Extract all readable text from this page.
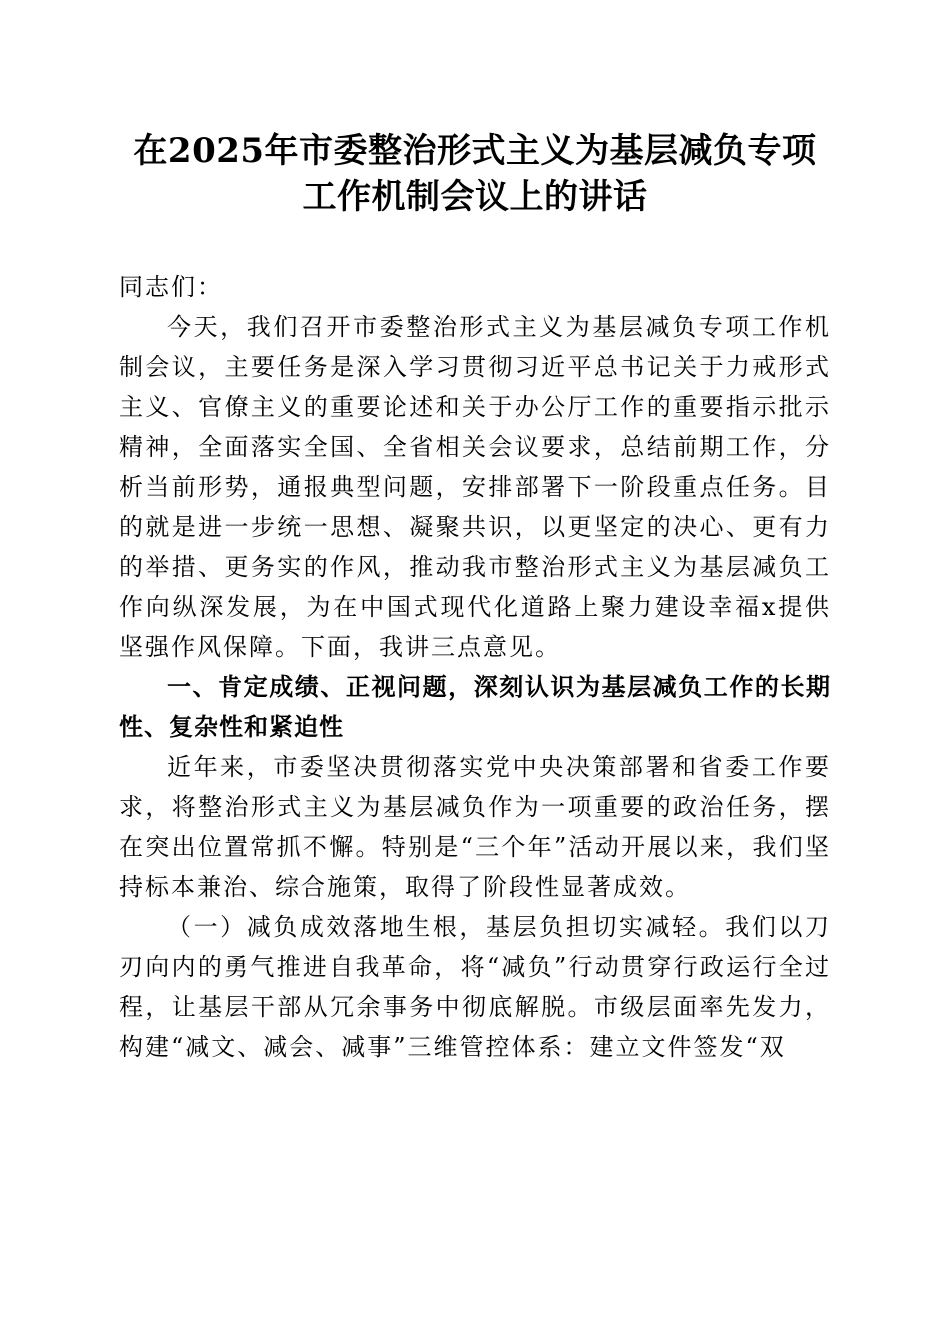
在2025年市委整治形式主义为基层减负专项
工作机制会议上的讲话

同志们：

今天，我们召开市委整治形式主义为基层减负专项工作机制会议，主要任务是深入学习贯彻习近平总书记关于力戒形式主义、官僚主义的重要论述和关于办公厅工作的重要指示批示精神，全面落实全国、全省相关会议要求，总结前期工作，分析当前形势，通报典型问题，安排部署下一阶段重点任务。目的就是进一步统一思想、凝聚共识，以更坚定的决心、更有力的举措、更务实的作风，推动我市整治形式主义为基层减负工作向纵深发展，为在中国式现代化道路上聚力建设幸福x提供坚强作风保障。下面，我讲三点意见。

一、肯定成绩、正视问题，深刻认识为基层减负工作的长期性、复杂性和紧迫性

近年来，市委坚决贯彻落实党中央决策部署和省委工作要求，将整治形式主义为基层减负作为一项重要的政治任务，摆在突出位置常抓不懈。特别是“三个年”活动开展以来，我们坚持标本兼治、综合施策，取得了阶段性显著成效。

（一）减负成效落地生根，基层负担切实减轻。我们以刀刃向内的勇气推进自我革命，将“减负”行动贯穿行政运行全过程，让基层干部从冗余事务中彻底解脱。市级层面率先发力，构建“减文、减会、减事”三维管控体系：建立文件签发“双
